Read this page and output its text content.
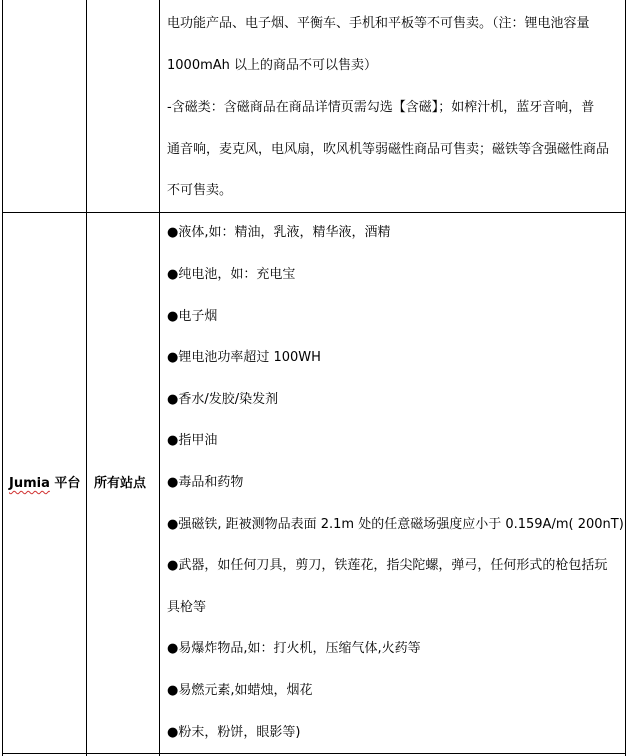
电功能产品、电子烟、平衡车、手机和平板等不可售卖。（注：锂电池容量
1000mAh 以上的商品不可以售卖）
-含磁类：含磁商品在商品详情页需勾选【含磁】；如榨汁机，蓝牙音响，普
通音响，麦克风，电风扇，吹风机等弱磁性商品可售卖；磁铁等含强磁性商品
不可售卖。
Jumia 平台 所有站点
●液体,如：精油，乳液，精华液，酒精
●纯电池，如：充电宝
●电子烟
●锂电池功率超过 100WH
●香水/发胶/染发剂
●指甲油
●毒品和药物
●强磁铁, 距被测物品表面 2.1m 处的任意磁场强度应小于 0.159A/m( 200nT)
●武器，如任何刀具，剪刀，铁莲花，指尖陀螺，弹弓，任何形式的枪包括玩
具枪等
●易爆炸物品,如：打火机，压缩气体,火药等
●易燃元素,如蜡烛，烟花
●粉末，粉饼，眼影等)
